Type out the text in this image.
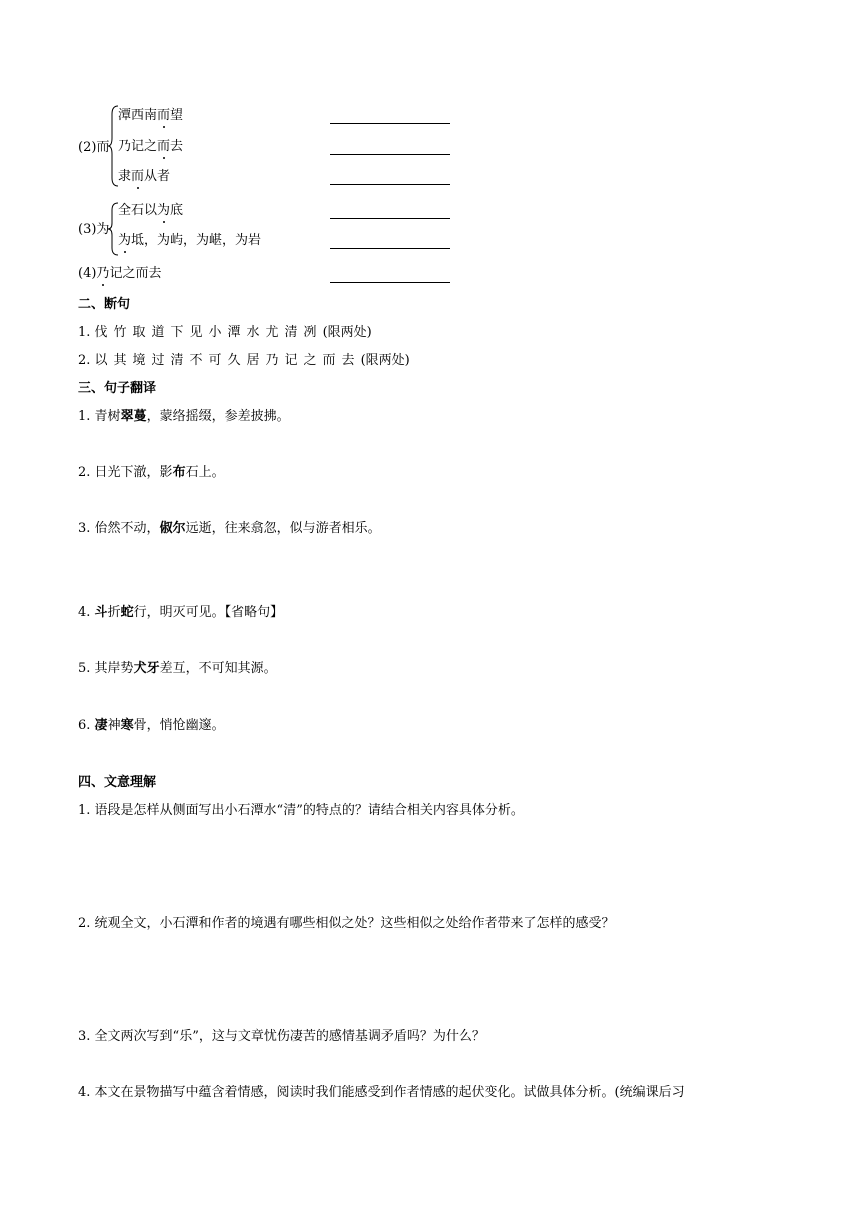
(2)而
潭西南而望
乃记之而去
隶而从者
(3)为
全石以为底
为坻，为屿，为嵁，为岩
(4)乃记之而去
二、断句
1. 伐竹取道下见小潭水尤清冽(限两处)
2. 以其境过清不可久居乃记之而去(限两处)
三、句子翻译
1. 青树翠蔓，蒙络摇缀，参差披拂。
2. 日光下澈，影布石上。
3. 佁然不动，俶尔远逝，往来翕忽，似与游者相乐。
4. 斗折蛇行，明灭可见。【省略句】
5. 其岸势犬牙差互，不可知其源。
6. 凄神寒骨，悄怆幽邃。
四、文意理解
1. 语段是怎样从侧面写出小石潭水“清”的特点的？请结合相关内容具体分析。
2. 统观全文，小石潭和作者的境遇有哪些相似之处？这些相似之处给作者带来了怎样的感受？
3. 全文两次写到“乐”，这与文章忧伤凄苦的感情基调矛盾吗？为什么？
4. 本文在景物描写中蕴含着情感，阅读时我们能感受到作者情感的起伏变化。试做具体分析。(统编课后习
